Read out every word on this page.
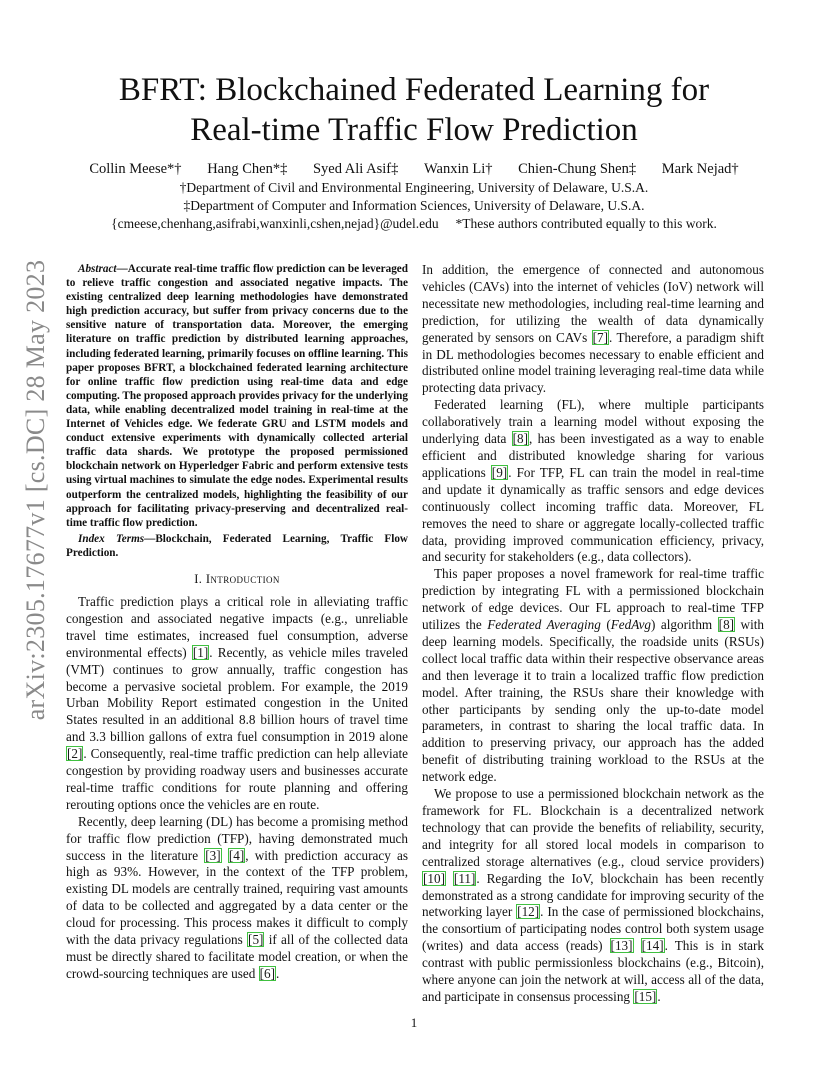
arXiv:2305.17677v1 [cs.DC] 28 May 2023
BFRT: Blockchained Federated Learning for
Real-time Traffic Flow Prediction
Collin Meese*† Hang Chen*‡ Syed Ali Asif‡ Wanxin Li† Chien-Chung Shen‡ Mark Nejad†
†Department of Civil and Environmental Engineering, University of Delaware, U.S.A.
‡Department of Computer and Information Sciences, University of Delaware, U.S.A.
{cmeese,chenhang,asifrabi,wanxinli,cshen,nejad}@udel.edu *These authors contributed equally to this work.

Abstract—Accurate real-time traffic flow prediction can be leveraged to relieve traffic congestion and associated negative impacts. The existing centralized deep learning methodologies have demonstrated high prediction accuracy, but suffer from privacy concerns due to the sensitive nature of transportation data. Moreover, the emerging literature on traffic prediction by distributed learning approaches, including federated learning, primarily focuses on offline learning. This paper proposes BFRT, a blockchained federated learning architecture for online traffic flow prediction using real-time data and edge computing. The proposed approach provides privacy for the underlying data, while enabling decentralized model training in real-time at the Internet of Vehicles edge. We federate GRU and LSTM models and conduct extensive experiments with dynamically collected arterial traffic data shards. We prototype the proposed permissioned blockchain network on Hyperledger Fabric and perform extensive tests using virtual machines to simulate the edge nodes. Experimental results outperform the centralized models, highlighting the feasibility of our approach for facilitating privacy-preserving and decentralized real-time traffic flow prediction.

Index Terms—Blockchain, Federated Learning, Traffic Flow Prediction.

I. Introduction

Traffic prediction plays a critical role in alleviating traffic congestion and associated negative impacts (e.g., unreliable travel time estimates, increased fuel consumption, adverse environmental effects) [ 1 ] . Recently, as vehicle miles traveled (VMT) continues to grow annually, traffic congestion has become a pervasive societal problem. For example, the 2019 Urban Mobility Report estimated congestion in the United States resulted in an additional 8.8 billion hours of travel time and 3.3 billion gallons of extra fuel consumption in 2019 alone [ 2 ] . Consequently, real-time traffic prediction can help alleviate congestion by providing roadway users and businesses accurate real-time traffic conditions for route planning and offering rerouting options once the vehicles are en route.

Recently, deep learning (DL) has become a promising method for traffic flow prediction (TFP), having demonstrated much success in the literature [ 3 ] [ 4 ] , with prediction accuracy as high as 93%. However, in the context of the TFP problem, existing DL models are centrally trained, requiring vast amounts of data to be collected and aggregated by a data center or the cloud for processing. This process makes it difficult to comply with the data privacy regulations [ 5 ] if all of the collected data must be directly shared to facilitate model creation, or when the crowd-sourcing techniques are used [ 6 ] .

In addition, the emergence of connected and autonomous vehicles (CAVs) into the internet of vehicles (IoV) network will necessitate new methodologies, including real-time learning and prediction, for utilizing the wealth of data dynamically generated by sensors on CAVs [ 7 ] . Therefore, a paradigm shift in DL methodologies becomes necessary to enable efficient and distributed online model training leveraging real-time data while protecting data privacy.

Federated learning (FL), where multiple participants collaboratively train a learning model without exposing the underlying data [ 8 ] , has been investigated as a way to enable efficient and distributed knowledge sharing for various applications [ 9 ] . For TFP, FL can train the model in real-time and update it dynamically as traffic sensors and edge devices continuously collect incoming traffic data. Moreover, FL removes the need to share or aggregate locally-collected traffic data, providing improved communication efficiency, privacy, and security for stakeholders (e.g., data collectors).

This paper proposes a novel framework for real-time traffic prediction by integrating FL with a permissioned blockchain network of edge devices. Our FL approach to real-time TFP utilizes the Federated Averaging (FedAvg) algorithm [ 8 ] with deep learning models. Specifically, the roadside units (RSUs) collect local traffic data within their respective observance areas and then leverage it to train a localized traffic flow prediction model. After training, the RSUs share their knowledge with other participants by sending only the up-to-date model parameters, in contrast to sharing the local traffic data. In addition to preserving privacy, our approach has the added benefit of distributing training workload to the RSUs at the network edge.

We propose to use a permissioned blockchain network as the framework for FL. Blockchain is a decentralized network technology that can provide the benefits of reliability, security, and integrity for all stored local models in comparison to centralized storage alternatives (e.g., cloud service providers) [ 10 ] [ 11 ] . Regarding the IoV, blockchain has been recently demonstrated as a strong candidate for improving security of the networking layer [ 12 ] . In the case of permissioned blockchains, the consortium of participating nodes control both system usage (writes) and data access (reads) [ 13 ] [ 14 ] . This is in stark contrast with public permissionless blockchains (e.g., Bitcoin), where anyone can join the network at will, access all of the data, and participate in consensus processing [ 15 ] .

1
